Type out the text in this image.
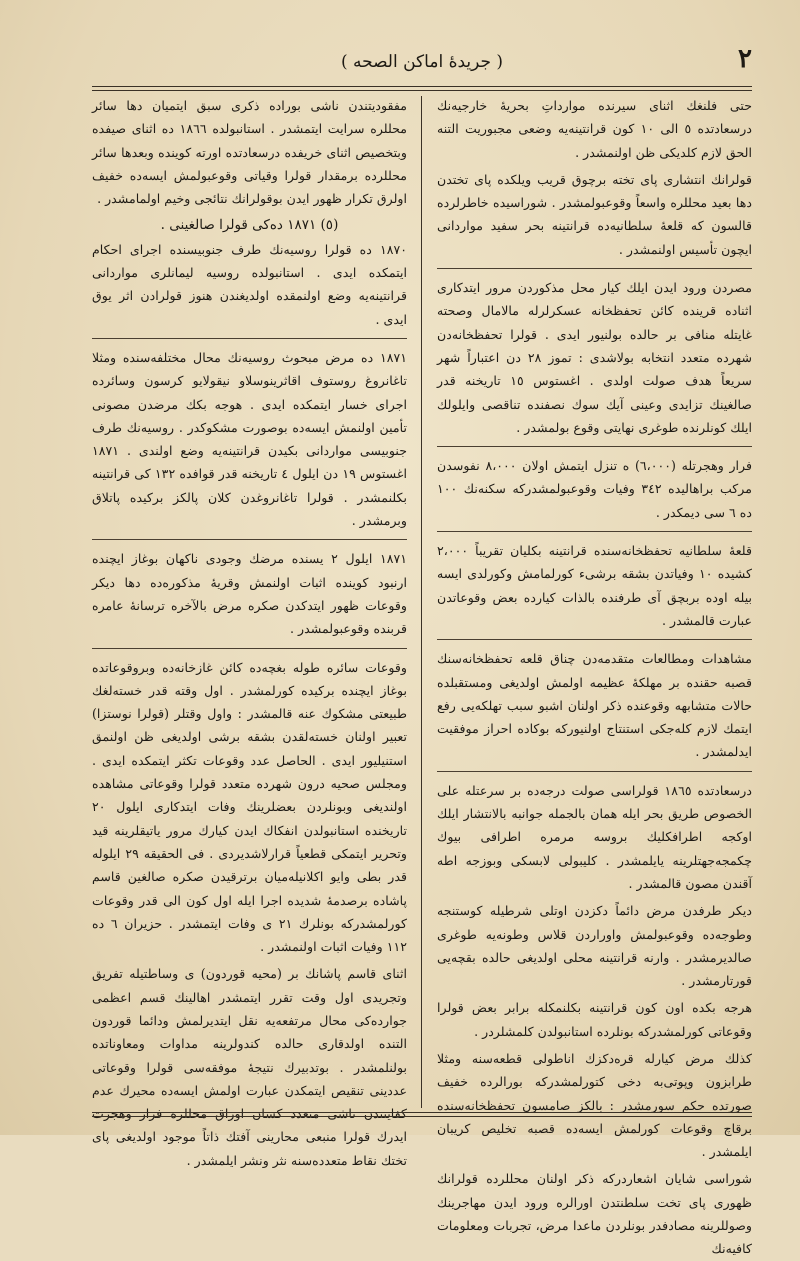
٢
( جريدهٔ اماكن الصحه )

حتی فلنغك اثنای سیرنده موارداتِ بحریهٔ خارجیه‌نك درسعادتده ٥ الی ١٠ کون قرانتینه‌یه وضعی مجبوریت التنه الحق لازم کلدیکی ظن اولنمشدر .

قولرانك انتشاری پای تخته برچوق قریب ویلکده پای تختدن دها بعید محللره واسعاً وقوعبولمشدر . شوراسیده خاطرلرده قالسون که قلعهٔ سلطانیه‌ده قرانتینه بحر سفید مواردانی ایچون تأسیس اولنمشدر .

مصردن ورود ایدن ایلك کیار محل مذکوردن مرور ایتدکاری اثناده قرینده کائن تحفظخانه عسکرلرله مالامال وصحته غایتله منافی بر حالده بولنیور ایدی . قولرا تحفظخانه‌دن شهرده متعدد انتخابه بولاشدی : تموز ٢٨ دن اعتباراً شهر سریعاً هدف صولت اولدی . اغستوس ١٥ تاریخنه قدر صالغینك تزایدی وعینی آیك سوك نصفنده تناقصی وایلولك ایلك کونلرنده طوغری نهایتی وقوع بولمشدر .

فرار وهجرتله (٦،٠٠٠) ه تنزل ایتمش اولان ٨،٠٠٠ نفوسدن مرکب براهالیده ٣٤٢ وفیات وقوعبولمشدرکه سکنه‌نك ١٠٠ ده ٦ سی دیمکدر .

قلعهٔ سلطانیه تحفظخانه‌سنده قرانتینه بکلیان تقریباً ٢،٠٠٠ کشیده ١٠ وفیاتدن بشقه برشیء کورلمامش وکورلدی ایسه بیله اوده بربچق آی طرفنده بالذات کیارده بعض وقوعاتدن عبارت قالمشدر .

مشاهدات ومطالعات متقدمه‌دن چناق قلعه تحفظخانه‌سنك قصبه حقنده بر مهلکهٔ عظیمه اولمش اولدیغی ومستقبلده حالات متشابهه وقوعنده ذکر اولنان اشبو سبب تهلکه‌یی رفع ایتمك لازم کله‌جکی استنتاج اولنیورکه بوکاده احراز موفقیت ایدلمشدر .

درسعادتده ١٨٦٥ قولراسی صولت درجه‌ده بر سرعتله علی الخصوص طریق بحر ایله همان بالجمله جوانبه بالانتشار ایلك اوکجه اطرافکلیك بروسه مرمره اطرافی بیوك چکمجه‌جهتلرینه یایلمشدر . کلیبولی لابسکی وبوزجه اطه آقندن مصون قالمشدر .

دیکر طرفدن مرض دائماً دکزدن اوتلی شرطیله کوستنجه وطوجه‌ده وقوعبولمش واوراردن قلاس وطونه‌یه طوغری صالدیرمشدر . وارنه قرانتینه محلی اولدیغی حالده بقچه‌یی قورتارمشدر .

هرجه بکده اون کون قرانتینه بکلنمکله برابر بعض قولرا وقوعاتی کورلمشدرکه بونلرده استانبولدن کلمشلردر .

کذلك مرض کیارله قره‌دکزك اناطولی قطعه‌سنه ومثلا طرابزون وپوتی‌به دخی کتورلمشدرکه بورالرده خفیف صورتده حکم سورمشدر : بالکز صامسون تحفظخانه‌سنده برقاچ وقوعات کورلمش ایسه‌ده قصبه تخلیص کریبان ایلمشدر .

شوراسی شایان اشعاردرکه ذکر اولنان محللرده قولرانك ظهوری پای تخت سلطنتدن اورالره ورود ایدن مهاجرینك وصوللرینه مصادفدر بونلردن ماعدا مرض، تجربات ومعلومات کافیه‌نك

مفقودیتندن ناشی بوراده ذکری سبق ایتمیان دها سائر محللره سرایت ایتمشدر . استانبولده ١٨٦٦ ده اثنای صیفده وبتخصیص اثنای خریفده درسعادتده اورته کوینده وبعدها سائر محللرده برمقدار قولرا وقیاتی وقوعبولمش ایسه‌ده خفیف اولرق تکرار ظهور ایدن بوقولرانك نتائجی وخیم اولمامشدر .

(٥) ١٨٧١ ده‌کی قولرا صالغینی .

١٨٧٠ ده قولرا روسیه‌نك طرف جنوبیسنده اجرای احکام ایتمکده ایدی . استانبولده روسیه لیمانلری مواردانی قرانتینه‌یه وضع اولنمقده اولدیغندن هنوز قولرادن اثر یوق ایدی .

١٨٧١ ده مرض مبحوث روسیه‌نك محال مختلفه‌سنده ومثلا تاغانروغ روستوف اقاثرینوسلاو نیقولایو کرسون وسائرده اجرای خسار ایتمکده ایدی . هوجه بکك مرضدن مصونی تأمین اولنمش ایسه‌ده بوصورت مشکوکدر . روسیه‌نك طرف جنوبیسی مواردانی بکیدن قرانتینه‌یه وضع اولندی . ١٨٧١ اغستوس ١٩ دن ایلول ٤ تاریخنه قدر قوافده ١٣٢ کی قرانتینه بکلنمشدر . قولرا تاغانروغدن کلان پالکز برکیده پاتلاق وبرمشدر .

١٨٧١ ایلول ٢ یسنده مرضك وجودی ناکهان بوغاز ایچنده ارنبود کوینده اثبات اولنمش وقریهٔ مذکوره‌ده دها دیکر وقوعات ظهور ایتدکدن صکره مرض بالآخره ترسانهٔ عامره قربنده وقوعبولمشدر .

وقوعات سائره طوله بغچه‌ده کائن غازخانه‌ده وبروقوعاتده بوغاز ایچنده برکیده کورلمشدر . اول وقته قدر خسته‌لغك طبیعتی مشکوك عنه قالمشدر : واول وقتلر (قولرا نوستزا) تعبیر اولنان خسته‌لقدن بشقه برشی اولدیغی ظن اولنمق استنیلیور ایدی . الحاصل عدد وقوعات تکثر ایتمکده ایدی . ومجلس صحیه درون شهرده متعدد قولرا وقوعاتی مشاهده اولندیغی وبونلردن بعضلرینك وفات ایتدکاری ایلول ٢٠ تاریخنده استانبولدن انفکاك ایدن کیارك مرور یاتیقلرینه قید وتحریر ایتمکی قطعیاً قرارلاشدیردی . فی الحقیقه ٢٩ ایلوله قدر بطی وایو اکلانیله‌میان برترقیدن صکره صالغین قاسم پاشاده برصدمهٔ شدیده اجرا ایله اول کون الی قدر وقوعات کورلمشدرکه بونلرك ٢١ ی وفات ایتمشدر . حزیران ٦ ده ١١٢ وفیات اثبات اولنمشدر .

اثنای قاسم پاشانك بر (محیه قوردون) ی وساطتیله تفریق وتجریدی اول وقت تقرر ایتمشدر اهالینك قسم اعظمی جوارده‌کی محال مرتفعه‌یه نقل ایتدیرلمش ودائما قوردون التنده اولدقاری حالده کندولرینه مداوات ومعاوناتده بولنلمشدر . بوتدبیرك نتیجهٔ موفقه‌سی قولرا وقوعاتی عددینی تنقیص ایتمکدن عبارت اولمش ایسه‌ده محیرك عدم کفایتندن ناشی متعدد کسان اوزاق محللره فرار وهجرت ایدرك قولرا منبعی محارینی آفتك ذاتاً موجود اولدیغی پای تختك نقاط متعدده‌سنه نثر ونشر ایلمشدر .
